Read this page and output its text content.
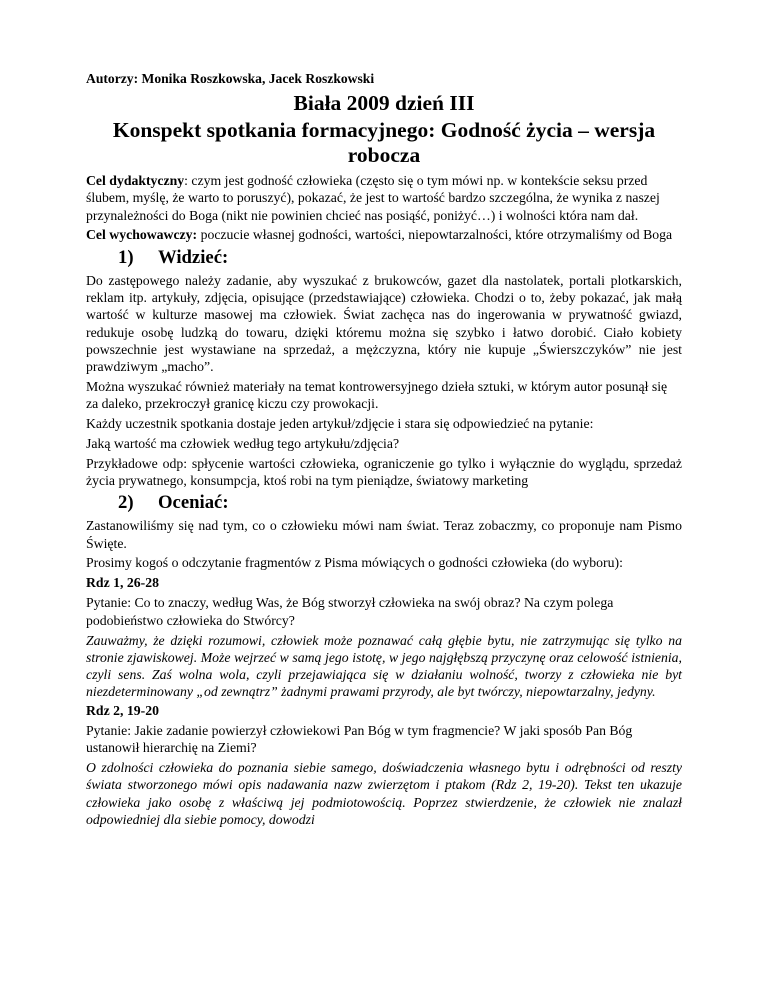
Autorzy: Monika Roszkowska, Jacek Roszkowski
Biała 2009 dzień III
Konspekt spotkania formacyjnego: Godność życia – wersja robocza

Cel dydaktyczny: czym jest godność człowieka (często się o tym mówi np. w kontekście seksu przed ślubem, myślę, że warto to poruszyć), pokazać, że jest to wartość bardzo szczególna, że wynika z naszej przynależności do Boga (nikt nie powinien chcieć nas posiąść, poniżyć…) i wolności która nam dał.

Cel wychowawczy: poczucie własnej godności, wartości, niepowtarzalności, które otrzymaliśmy od Boga

1)	Widzieć:

Do zastępowego należy zadanie, aby wyszukać z brukowców, gazet dla nastolatek, portali plotkarskich, reklam itp. artykuły, zdjęcia, opisujące (przedstawiające) człowieka. Chodzi o to, żeby pokazać, jak małą wartość w kulturze masowej ma człowiek. Świat zachęca nas do ingerowania w prywatność gwiazd, redukuje osobę ludzką do towaru, dzięki któremu można się szybko i łatwo dorobić. Ciało kobiety powszechnie jest wystawiane na sprzedaż, a mężczyzna, który nie kupuje „Świerszczyków” nie jest prawdziwym „macho”.

Można wyszukać również materiały na temat kontrowersyjnego dzieła sztuki, w którym autor posunął się za daleko, przekroczył granicę kiczu czy prowokacji.

Każdy uczestnik spotkania dostaje jeden artykuł/zdjęcie i stara się odpowiedzieć na pytanie:

Jaką wartość ma człowiek według tego artykułu/zdjęcia?

Przykładowe odp: spłycenie wartości człowieka, ograniczenie go tylko i wyłącznie do wyglądu, sprzedaż życia prywatnego, konsumpcja, ktoś robi na tym pieniądze, światowy marketing

2)	Oceniać:

Zastanowiliśmy się nad tym, co o człowieku mówi nam świat. Teraz zobaczmy, co proponuje nam Pismo Święte.

Prosimy kogoś o odczytanie fragmentów z Pisma mówiących o godności człowieka (do wyboru):

Rdz 1, 26-28

Pytanie: Co to znaczy, według Was, że Bóg stworzył człowieka na swój obraz? Na czym polega podobieństwo człowieka do Stwórcy?

Zauważmy, że dzięki rozumowi, człowiek może poznawać całą głębie bytu, nie zatrzymując się tylko na stronie zjawiskowej. Może wejrzeć w samą jego istotę, w jego najgłębszą przyczynę oraz celowość istnienia, czyli sens. Zaś wolna wola, czyli przejawiająca się w działaniu wolność, tworzy z człowieka nie byt niezdeterminowany „od zewnątrz” żadnymi prawami przyrody, ale byt twórczy, niepowtarzalny, jedyny.

Rdz 2, 19-20

Pytanie: Jakie zadanie powierzył człowiekowi Pan Bóg w tym fragmencie? W jaki sposób Pan Bóg ustanowił hierarchię na Ziemi?

O zdolności człowieka do poznania siebie samego, doświadczenia własnego bytu i odrębności od reszty świata stworzonego mówi opis nadawania nazw zwierzętom i ptakom (Rdz 2, 19-20). Tekst ten ukazuje człowieka jako osobę z właściwą jej podmiotowością. Poprzez stwierdzenie, że człowiek nie znalazł odpowiedniej dla siebie pomocy, dowodzi
